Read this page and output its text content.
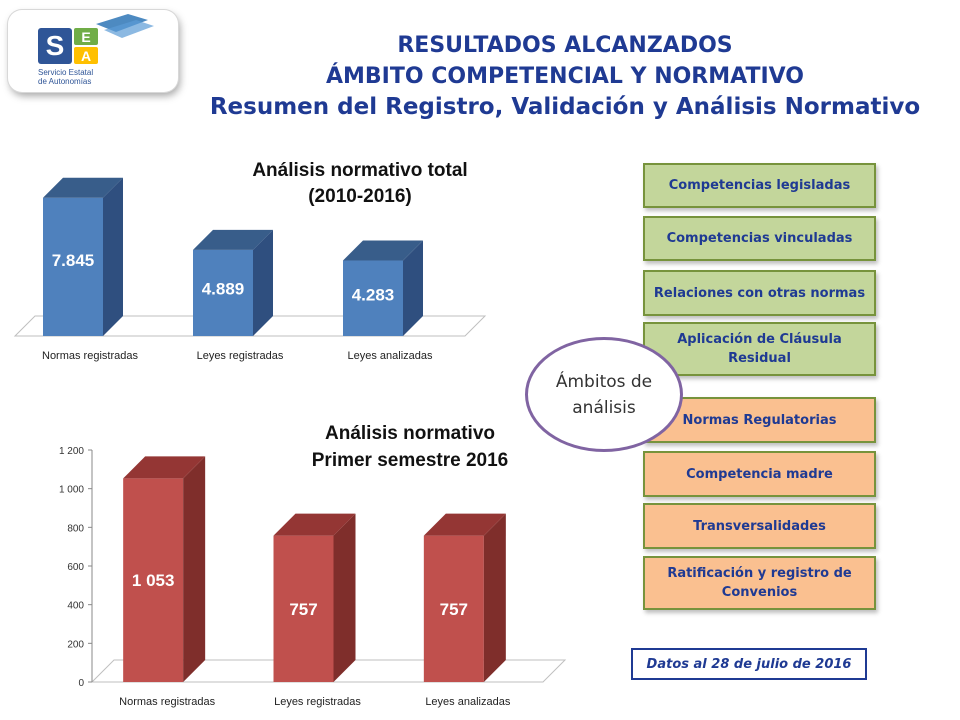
S E
A
Servicio Estatal
de Autonomías
RESULTADOS ALCANZADOS
ÁMBITO COMPETENCIAL Y NORMATIVO
Resumen del Registro, Validación y Análisis Normativo
Análisis normativo total
(2010-2016)
7.845
Normas registradas
4.889
Leyes registradas
4.283
Leyes analizadas
Análisis normativo
Primer semestre 2016
0
200
400
600
800
1 000
1 200
1 053
Normas registradas
757
Leyes registradas
757
Leyes analizadas
Competencias legisladas
Competencias vinculadas
Relaciones con otras normas
Aplicación de Cláusula Residual
Normas Regulatorias
Competencia madre
Transversalidades
Ratificación y registro de Convenios
Ámbitos de análisis
Datos al 28 de julio de 2016
